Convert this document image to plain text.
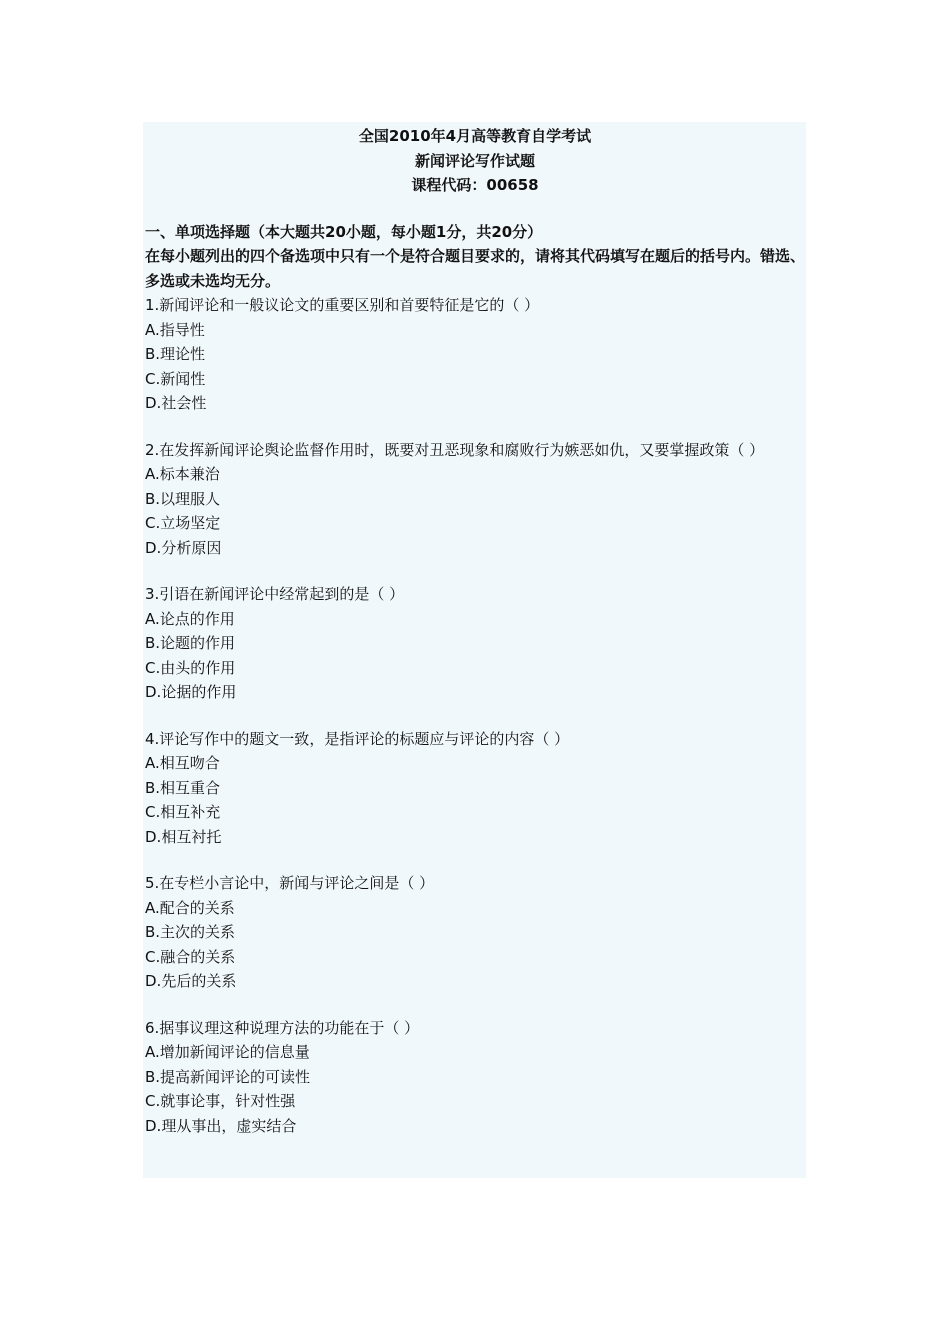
全国2010年4月高等教育自学考试
新闻评论写作试题
课程代码：00658
一、单项选择题（本大题共20小题，每小题1分，共20分）
在每小题列出的四个备选项中只有一个是符合题目要求的，请将其代码填写在题后的括号内。错选、多选或未选均无分。
1.新闻评论和一般议论文的重要区别和首要特征是它的（ ）
A.指导性
B.理论性
C.新闻性
D.社会性
2.在发挥新闻评论舆论监督作用时，既要对丑恶现象和腐败行为嫉恶如仇，又要掌握政策（ ）
A.标本兼治
B.以理服人
C.立场坚定
D.分析原因
3.引语在新闻评论中经常起到的是（ ）
A.论点的作用
B.论题的作用
C.由头的作用
D.论据的作用
4.评论写作中的题文一致，是指评论的标题应与评论的内容（ ）
A.相互吻合
B.相互重合
C.相互补充
D.相互衬托
5.在专栏小言论中，新闻与评论之间是（ ）
A.配合的关系
B.主次的关系
C.融合的关系
D.先后的关系
6.据事议理这种说理方法的功能在于（ ）
A.增加新闻评论的信息量
B.提高新闻评论的可读性
C.就事论事，针对性强
D.理从事出，虚实结合
